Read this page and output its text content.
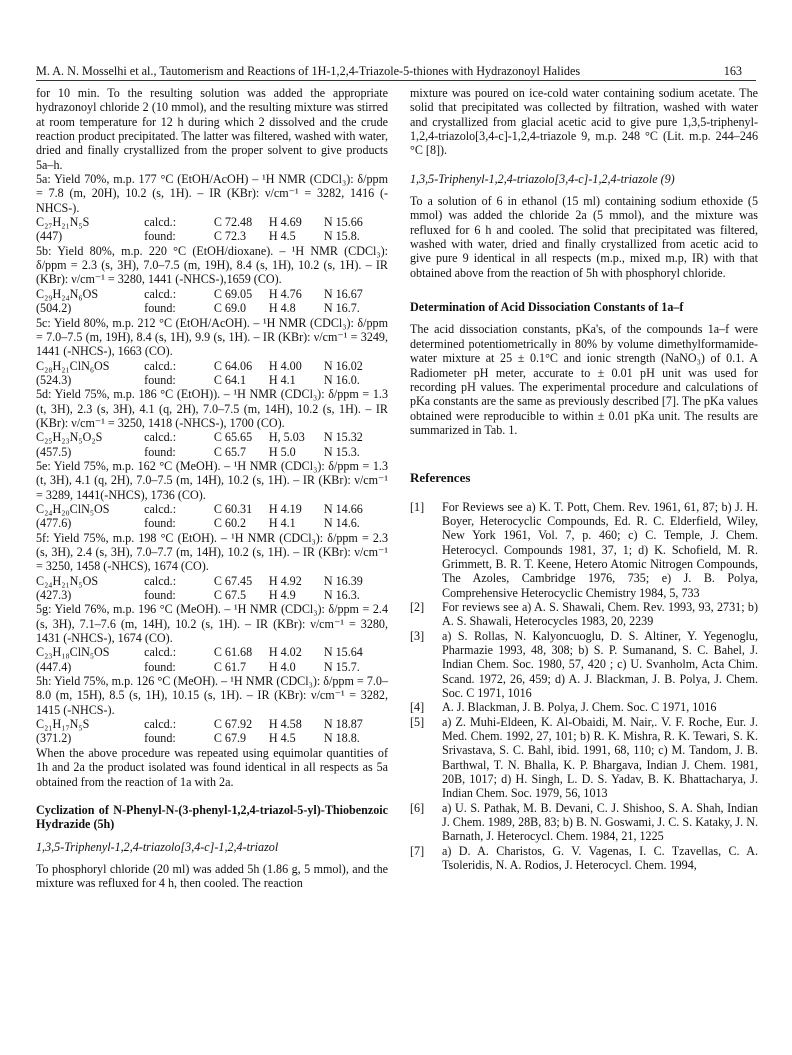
M. A. N. Mosselhi et al., Tautomerism and Reactions of 1H-1,2,4-Triazole-5-thiones with Hydrazonoyl Halides	163

for 10 min. To the resulting solution was added the appropriate hydrazonoyl chloride 2 (10 mmol), and the resulting mixture was stirred at room temperature for 12 h during which 2 dissolved and the crude reaction product precipitated. The latter was filtered, washed with water, dried and finally crystallized from the proper solvent to give products 5a–h.

5a: Yield 70%, m.p. 177 °C (EtOH/AcOH) – ¹H NMR (CDCl₃): δ/ppm = 7.8 (m, 20H), 10.2 (s, 1H). – IR (KBr): ν/cm⁻¹ = 3282, 1416 (-NHCS-).

C₂₇H₂₁N₅S	calcd.:	C 72.48	H 4.69	N 15.66
(447)	found:	C 72.3	H 4.5	N 15.8.

5b: Yield 80%, m.p. 220 °C (EtOH/dioxane). – ¹H NMR (CDCl₃): δ/ppm = 2.3 (s, 3H), 7.0–7.5 (m, 19H), 8.4 (s, 1H), 10.2 (s, 1H). – IR (KBr): ν/cm⁻¹ = 3280, 1441 (-NHCS-),1659 (CO).

C₂₉H₂₄N₆OS	calcd.:	C 69.05	H 4.76	N 16.67
(504.2)	found:	C 69.0	H 4.8	N 16.7.

5c: Yield 80%, m.p. 212 °C (EtOH/AcOH). – ¹H NMR (CDCl₃): δ/ppm = 7.0–7.5 (m, 19H), 8.4 (s, 1H), 9.9 (s, 1H). – IR (KBr): ν/cm⁻¹ = 3249, 1441 (-NHCS-), 1663 (CO).

C₂₈H₂₁ClN₆OS	calcd.:	C 64.06	H 4.00	N 16.02
(524.3)	found:	C 64.1	H 4.1	N 16.0.

5d: Yield 75%, m.p. 186 °C (EtOH)). – ¹H NMR (CDCl₃): δ/ppm = 1.3 (t, 3H), 2.3 (s, 3H), 4.1 (q, 2H), 7.0–7.5 (m, 14H), 10.2 (s, 1H). – IR (KBr): ν/cm⁻¹ = 3250, 1418 (-NHCS-), 1700 (CO).

C₂₅H₂₃N₅O₂S	calcd.:	C 65.65	H, 5.03	N 15.32
(457.5)	found:	C 65.7	H 5.0	N 15.3.

5e: Yield 75%, m.p. 162 °C (MeOH). – ¹H NMR (CDCl₃): δ/ppm = 1.3 (t, 3H), 4.1 (q, 2H), 7.0–7.5 (m, 14H), 10.2 (s, 1H). – IR (KBr): ν/cm⁻¹ = 3289, 1441(-NHCS), 1736 (CO).

C₂₄H₂₀ClN₅OS	calcd.:	C 60.31	H 4.19	N 14.66
(477.6)	found:	C 60.2	H 4.1	N 14.6.

5f: Yield 75%, m.p. 198 °C (EtOH). – ¹H NMR (CDCl₃): δ/ppm = 2.3 (s, 3H), 2.4 (s, 3H), 7.0–7.7 (m, 14H), 10.2 (s, 1H). – IR (KBr): ν/cm⁻¹ = 3250, 1458 (-NHCS), 1674 (CO).

C₂₄H₂₁N₅OS	calcd.:	C 67.45	H 4.92	N 16.39
(427.3)	found:	C 67.5	H 4.9	N 16.3.

5g: Yield 76%, m.p. 196 °C (MeOH). – ¹H NMR (CDCl₃): δ/ppm = 2.4 (s, 3H), 7.1–7.6 (m, 14H), 10.2 (s, 1H). – IR (KBr): ν/cm⁻¹ = 3280, 1431 (-NHCS-), 1674 (CO).

C₂₃H₁₈ClN₅OS	calcd.:	C 61.68	H 4.02	N 15.64
(447.4)	found:	C 61.7	H 4.0	N 15.7.

5h: Yield 75%, m.p. 126 °C (MeOH). – ¹H NMR (CDCl₃): δ/ppm = 7.0–8.0 (m, 15H), 8.5 (s, 1H), 10.15 (s, 1H). – IR (KBr): ν/cm⁻¹ = 3282, 1415 (-NHCS-).

C₂₁H₁₇N₅S	calcd.:	C 67.92	H 4.58	N 18.87
(371.2)	found:	C 67.9	H 4.5	N 18.8.

When the above procedure was repeated using equimolar quantities of 1h and 2a the product isolated was found identical in all respects as 5a obtained from the reaction of 1a with 2a.

Cyclization of N-Phenyl-N-(3-phenyl-1,2,4-triazol-5-yl)-Thiobenzoic Hydrazide (5h)

1,3,5-Triphenyl-1,2,4-triazolo[3,4-c]-1,2,4-triazol

To phosphoryl chloride (20 ml) was added 5h (1.86 g, 5 mmol), and the mixture was refluxed for 4 h, then cooled. The reaction

mixture was poured on ice-cold water containing sodium acetate. The solid that precipitated was collected by filtration, washed with water and crystallized from glacial acetic acid to give pure 1,3,5-triphenyl-1,2,4-triazolo[3,4-c]-1,2,4-triazole 9, m.p. 248 °C (Lit. m.p. 244–246 °C [8]).

1,3,5-Triphenyl-1,2,4-triazolo[3,4-c]-1,2,4-triazole (9)

To a solution of 6 in ethanol (15 ml) containing sodium ethoxide (5 mmol) was added the chloride 2a (5 mmol), and the mixture was refluxed for 6 h and cooled. The solid that precipitated was filtered, washed with water, dried and finally crystallized from acetic acid to give pure 9 identical in all respects (m.p., mixed m.p, IR) with that obtained above from the reaction of 5h with phosphoryl chloride.

Determination of Acid Dissociation Constants of 1a–f

The acid dissociation constants, pKa's, of the compounds 1a–f were determined potentiometrically in 80% by volume dimethylformamide-water mixture at 25 ± 0.1°C and ionic strength (NaNO₃) of 0.1. A Radiometer pH meter, accurate to ± 0.01 pH unit was used for recording pH values. The experimental procedure and calculations of pKa constants are the same as previously described [7]. The pKa values obtained were reproducible to within ± 0.01 pKa unit. The results are summarized in Tab. 1.

References

[1]	For Reviews see a) K. T. Pott, Chem. Rev. 1961, 61, 87; b) J. H. Boyer, Heterocyclic Compounds, Ed. R. C. Elderfield, Wiley, New York 1961, Vol. 7, p. 460; c) C. Temple, J. Chem. Heterocycl. Compounds 1981, 37, 1; d) K. Schofield, M. R. Grimmett, B. R. T. Keene, Hetero Atomic Nitrogen Compounds, The Azoles, Cambridge 1976, 735; e) J. B. Polya, Comprehensive Heterocyclic Chemistry 1984, 5, 733
[2]	For reviews see a) A. S. Shawali, Chem. Rev. 1993, 93, 2731; b) A. S. Shawali, Heterocycles 1983, 20, 2239
[3]	a) S. Rollas, N. Kalyoncuoglu, D. S. Altiner, Y. Yegenoglu, Pharmazie 1993, 48, 308; b) S. P. Sumanand, S. C. Bahel, J. Indian Chem. Soc. 1980, 57, 420 ; c) U. Svanholm, Acta Chim. Scand. 1972, 26, 459; d) A. J. Blackman, J. B. Polya, J. Chem. Soc. C 1971, 1016
[4]	A. J. Blackman, J. B. Polya, J. Chem. Soc. C 1971, 1016
[5]	a) Z. Muhi-Eldeen, K. Al-Obaidi, M. Nair,. V. F. Roche, Eur. J. Med. Chem. 1992, 27, 101; b) R. K. Mishra, R. K. Tewari, S. K. Srivastava, S. C. Bahl, ibid. 1991, 68, 110; c) M. Tandom, J. B. Barthwal, T. N. Bhalla, K. P. Bhargava, Indian J. Chem. 1981, 20B, 1017; d) H. Singh, L. D. S. Yadav, B. K. Bhattacharya, J. Indian Chem. Soc. 1979, 56, 1013
[6]	a) U. S. Pathak, M. B. Devani, C. J. Shishoo, S. A. Shah, Indian J. Chem. 1989, 28B, 83; b) B. N. Goswami, J. C. S. Kataky, J. N. Barnath, J. Heterocycl. Chem. 1984, 21, 1225
[7]	a) D. A. Charistos, G. V. Vagenas, I. C. Tzavellas, C. A. Tsoleridis, N. A. Rodios, J. Heterocycl. Chem. 1994,
